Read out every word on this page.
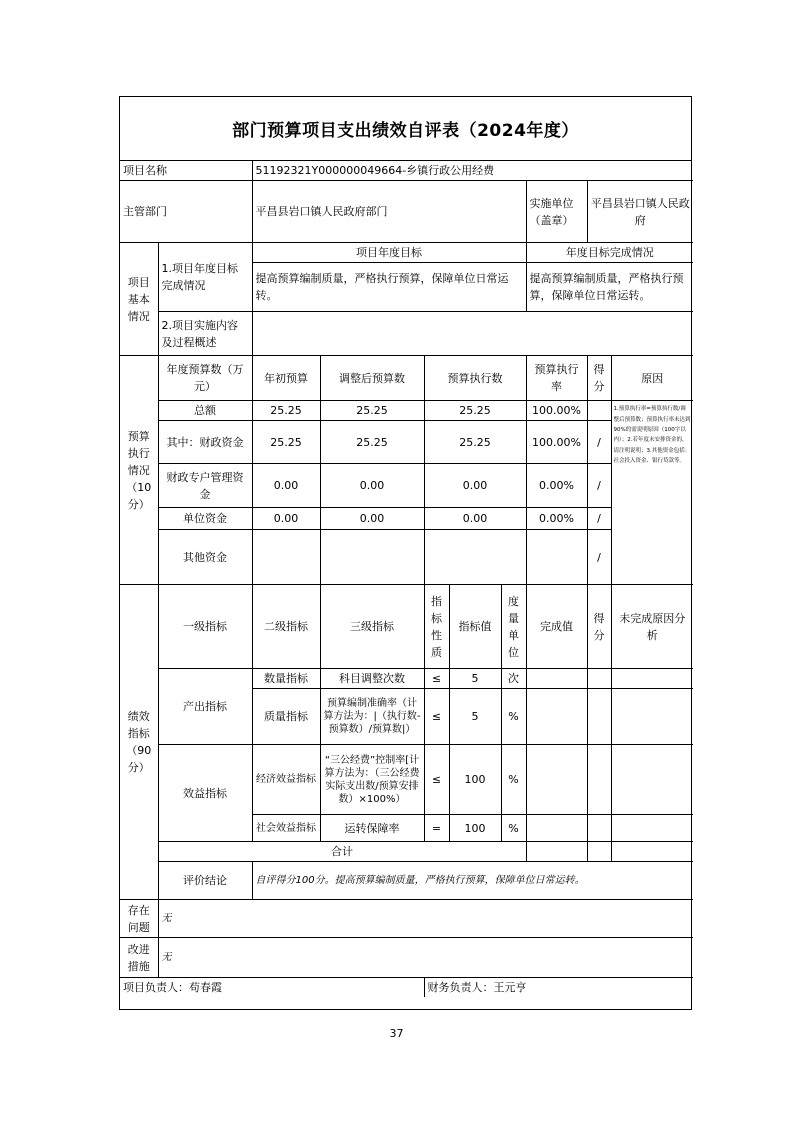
部门预算项目支出绩效自评表（2024年度）
项目名称		51192321Y000000049664-乡镇行政公用经费							
主管部门		平昌县岩口镇人民政府部门					实施单位（盖章）	平昌县岩口镇人民政府	
项目基本情况	1.项目年度目标完成情况	项目年度目标					年度目标完成情况		
		提高预算编制质量，严格执行预算，保障单位日常运转。					提高预算编制质量，严格执行预算，保障单位日常运转。		
	2.项目实施内容及过程概述								
预算执行情况（10分）	年度预算数（万元）	年初预算	调整后预算数	预算执行数			预算执行率	得分	原因
	总额	25.25	25.25	25.25			100.00%		1.预算执行率=预算执行数/调整后预算数；预算执行率未达到90%的需说明原因（100字以内）；2.若年度未安排资金的，请注明说明；3.其他资金包括：社会投入资金、银行贷款等。
	其中：财政资金	25.25	25.25	25.25			100.00%	/	
	财政专户管理资金	0.00	0.00	0.00			0.00%	/	
	单位资金	0.00	0.00	0.00			0.00%	/	
	其他资金							/	
绩效指标（90分）	一级指标	二级指标	三级指标	指标性质	指标值	度量单位	完成值	得分	未完成原因分析
	产出指标	数量指标	科目调整次数	≤	5	次			
		质量指标	预算编制准确率（计算方法为：|（执行数-预算数）/预算数|）	≤	5	%			
	效益指标	经济效益指标	“三公经费”控制率[计算方法为：（三公经费实际支出数/预算安排数）×100%）	≤	100	%			
		社会效益指标	运转保障率	=	100	%			
	合计								
	评价结论	自评得分100分。提高预算编制质量，严格执行预算，保障单位日常运转。							
存在问题	无								
改进措施	无								
项目负责人：苟春霞				财务负责人：王元亨					
37
